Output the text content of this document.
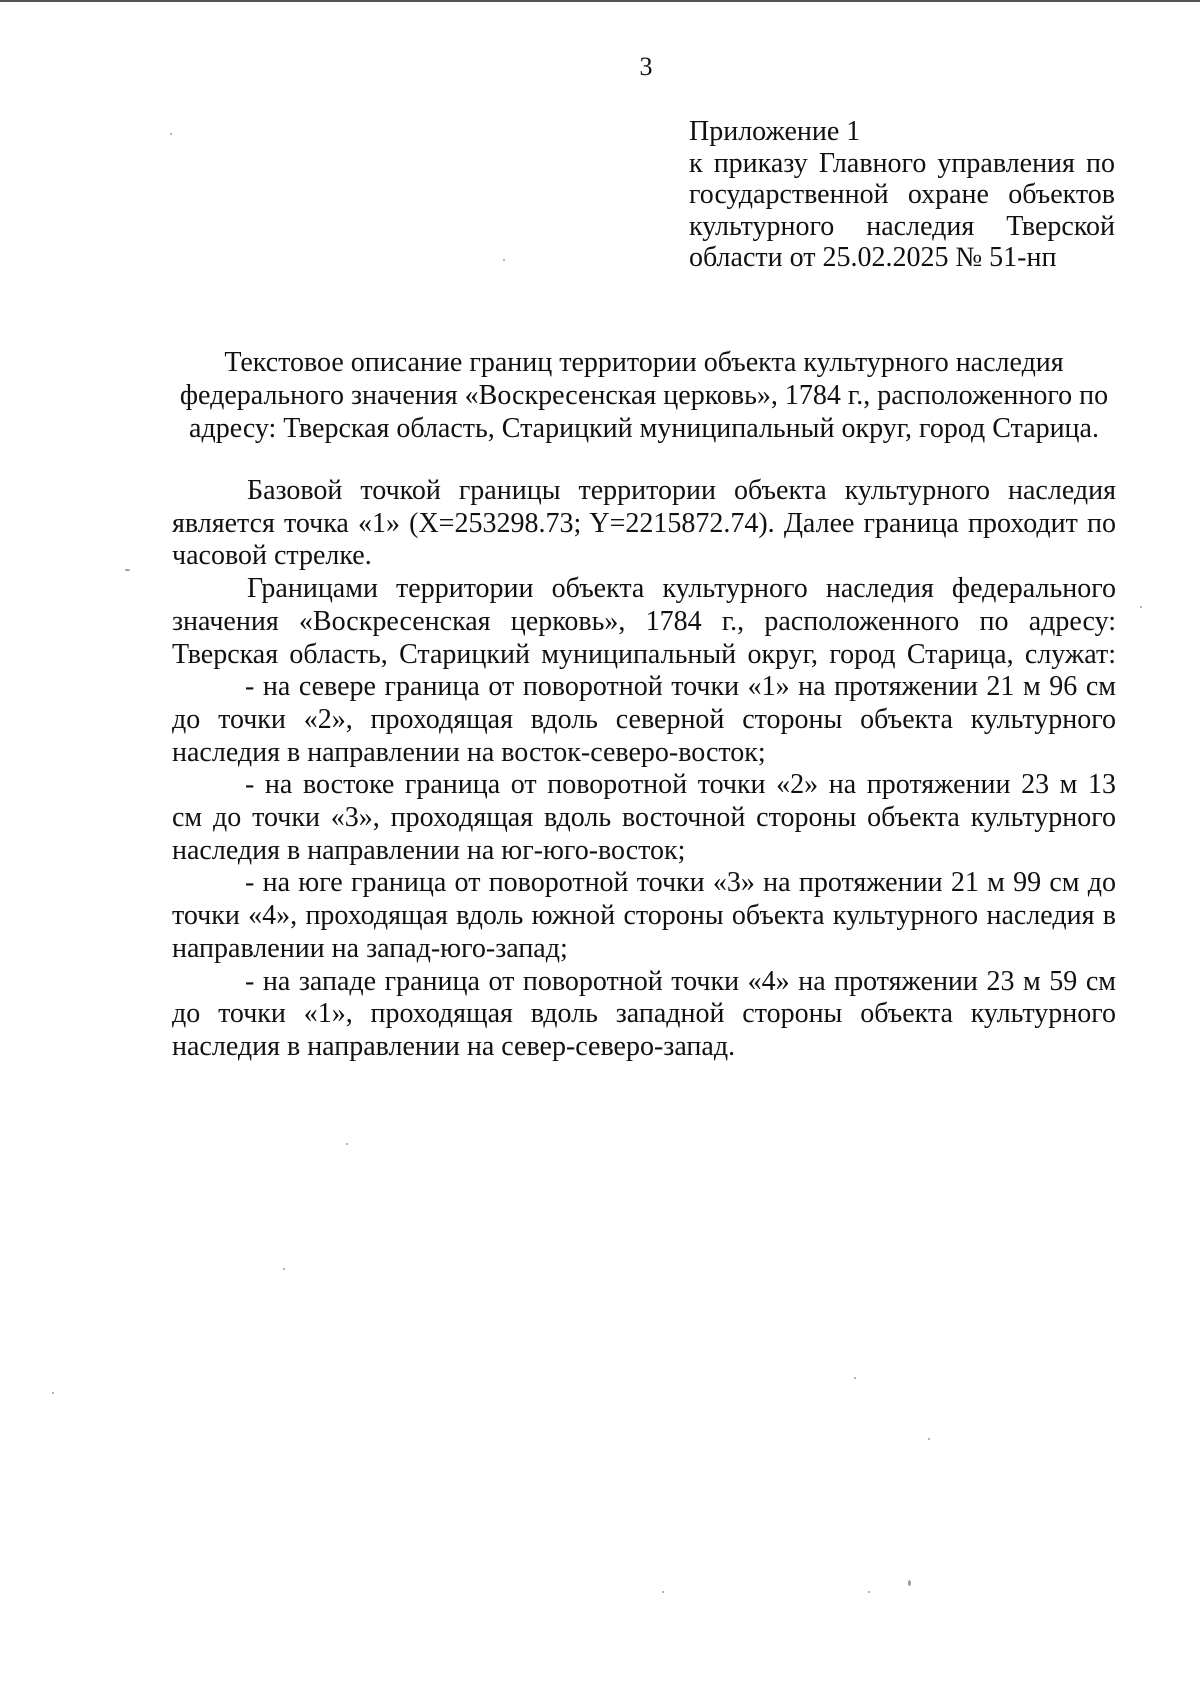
3
Приложение 1
к приказу Главного управления по
государственной охране объектов
культурного наследия Тверской
области от 25.02.2025 № 51-нп
Текстовое описание границ территории объекта культурного наследия
федерального значения «Воскресенская церковь», 1784 г., расположенного по
адресу: Тверская область, Старицкий муниципальный округ, город Старица.
Базовой точкой границы территории объекта культурного наследия
является точка «1» (X=253298.73; Y=2215872.74). Далее граница проходит по
часовой стрелке.
Границами территории объекта культурного наследия федерального
значения «Воскресенская церковь», 1784 г., расположенного по адресу:
Тверская область, Старицкий муниципальный округ, город Старица, служат:
- на севере граница от поворотной точки «1» на протяжении 21 м 96 см
до точки «2», проходящая вдоль северной стороны объекта культурного
наследия в направлении на восток-северо-восток;
- на востоке граница от поворотной точки «2» на протяжении 23 м 13
см до точки «3», проходящая вдоль восточной стороны объекта культурного
наследия в направлении на юг-юго-восток;
- на юге граница от поворотной точки «3» на протяжении 21 м 99 см до
точки «4», проходящая вдоль южной стороны объекта культурного наследия в
направлении на запад-юго-запад;
- на западе граница от поворотной точки «4» на протяжении 23 м 59 см
до точки «1», проходящая вдоль западной стороны объекта культурного
наследия в направлении на север-северо-запад.
